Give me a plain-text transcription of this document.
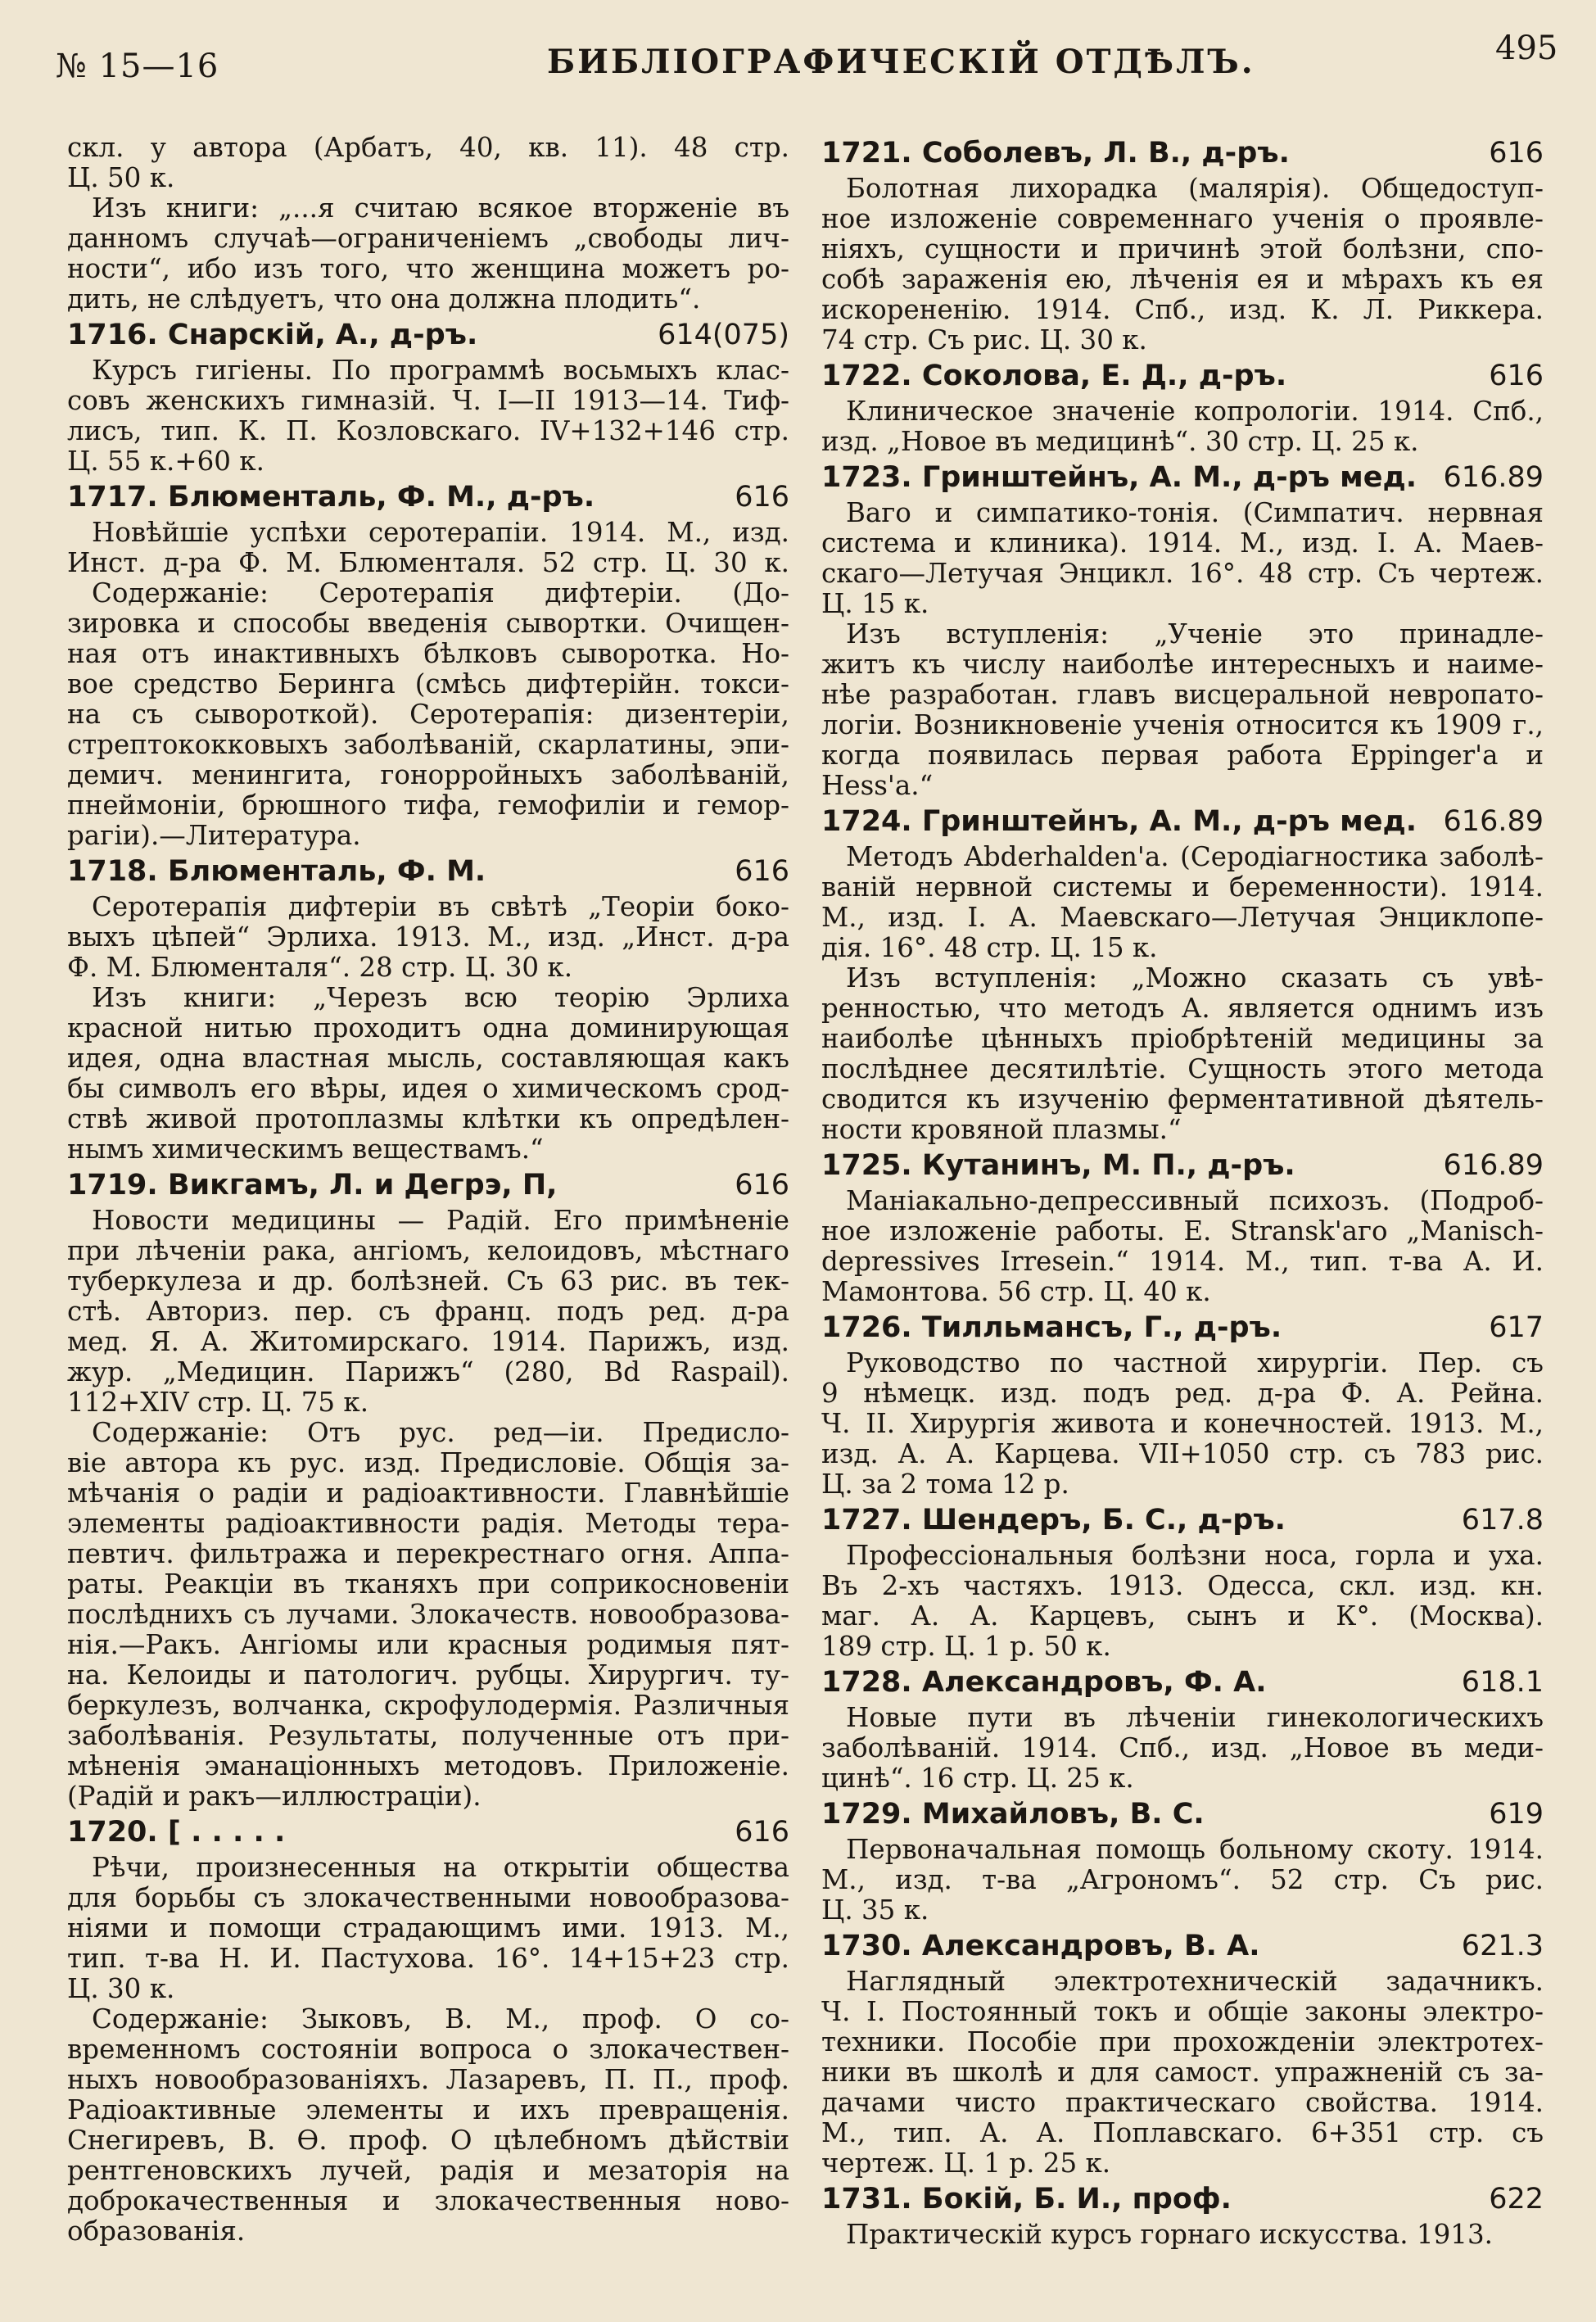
№ 15—16	БИБЛІОГРАФИЧЕСКІЙ ОТДѢЛЪ.	495
скл. у автора (Арбатъ, 40, кв. 11). 48 стр.
Ц. 50 к.
Изъ книги: „...я считаю всякое вторженіе въ
данномъ случаѣ—ограниченіемъ „свободы лич-
ности“, ибо изъ того, что женщина можетъ ро-
дить, не слѣдуетъ, что она должна плодить“.
1716. Снарскій, А., д-ръ.	614(075)
Курсъ гигіены. По программѣ восьмыхъ клас-
совъ женскихъ гимназій. Ч. I—II 1913—14. Тиф-
лисъ, тип. К. П. Козловскаго. IV+132+146 стр.
Ц. 55 к.+60 к.
1717. Блюменталь, Ф. М., д-ръ.	616
Новѣйшіе успѣхи серотерапіи. 1914. М., изд.
Инст. д-ра Ф. М. Блюменталя. 52 стр. Ц. 30 к.
Содержаніе: Серотерапія дифтеріи. (До-
зировка и способы введенія сывортки. Очищен-
ная отъ инактивныхъ бѣлковъ сыворотка. Но-
вое средство Беринга (смѣсь дифтерійн. токси-
на съ сывороткой). Серотерапія: дизентеріи,
стрептококковыхъ заболѣваній, скарлатины, эпи-
демич. менингита, гонорройныхъ заболѣваній,
пнеймоніи, брюшного тифа, гемофиліи и гемор-
рагіи).—Литература.
1718. Блюменталь, Ф. М.	616
Серотерапія дифтеріи въ свѣтѣ „Теоріи боко-
выхъ цѣпей“ Эрлиха. 1913. М., изд. „Инст. д-ра
Ф. М. Блюменталя“. 28 стр. Ц. 30 к.
Изъ книги: „Черезъ всю теорію Эрлиха
красной нитью проходитъ одна доминирующая
идея, одна властная мысль, составляющая какъ
бы символъ его вѣры, идея о химическомъ срод-
ствѣ живой протоплазмы клѣтки къ опредѣлен-
нымъ химическимъ веществамъ.“
1719. Викгамъ, Л. и Дегрэ, П,	616
Новости медицины — Радій. Его примѣненіе
при лѣченіи рака, ангіомъ, келоидовъ, мѣстнаго
туберкулеза и др. болѣзней. Съ 63 рис. въ тек-
стѣ. Авториз. пер. съ франц. подъ ред. д-ра
мед. Я. А. Житомирскаго. 1914. Парижъ, изд.
жур. „Медицин. Парижъ“ (280, Bd Raspail).
112+XIV стр. Ц. 75 к.
Содержаніе: Отъ рус. ред—іи. Предисло-
віе автора къ рус. изд. Предисловіе. Общія за-
мѣчанія о радіи и радіоактивности. Главнѣйшіе
элементы радіоактивности радія. Методы тера-
певтич. фильтража и перекрестнаго огня. Аппа-
раты. Реакціи въ тканяхъ при соприкосновеніи
послѣднихъ съ лучами. Злокачеств. новообразова-
нія.—Ракъ. Ангіомы или красныя родимыя пят-
на. Келоиды и патологич. рубцы. Хирургич. ту-
беркулезъ, волчанка, скрофулодермія. Различныя
заболѣванія. Результаты, полученные отъ при-
мѣненія эманаціонныхъ методовъ. Приложеніе.
(Радій и ракъ—иллюстраціи).
1720. [ . . . . .	616
Рѣчи, произнесенныя на открытіи общества
для борьбы съ злокачественными новообразова-
ніями и помощи страдающимъ ими. 1913. М.,
тип. т-ва Н. И. Пастухова. 16°. 14+15+23 стр.
Ц. 30 к.
Содержаніе: Зыковъ, В. М., проф. О со-
временномъ состояніи вопроса о злокачествен-
ныхъ новообразованіяхъ. Лазаревъ, П. П., проф.
Радіоактивные элементы и ихъ превращенія.
Снегиревъ, В. Ѳ. проф. О цѣлебномъ дѣйствіи
рентгеновскихъ лучей, радія и мезаторія на
доброкачественныя и злокачественныя ново-
образованія.
1721. Соболевъ, Л. В., д-ръ.	616
Болотная лихорадка (малярія). Общедоступ-
ное изложеніе современнаго ученія о проявле-
ніяхъ, сущности и причинѣ этой болѣзни, спо-
собѣ зараженія ею, лѣченія ея и мѣрахъ къ ея
искорененію. 1914. Спб., изд. К. Л. Риккера.
74 стр. Съ рис. Ц. 30 к.
1722. Соколова, Е. Д., д-ръ.	616
Клиническое значеніе копрологіи. 1914. Спб.,
изд. „Новое въ медицинѣ“. 30 стр. Ц. 25 к.
1723. Гринштейнъ, А. М., д-ръ мед. 616.89
Ваго и симпатико-тонія. (Симпатич. нервная
система и клиника). 1914. М., изд. I. А. Маев-
скаго—Летучая Энцикл. 16°. 48 стр. Съ чертеж.
Ц. 15 к.
Изъ вступленія: „Ученіе это принадле-
житъ къ числу наиболѣе интересныхъ и наиме-
нѣе разработан. главъ висцеральной невропато-
логіи. Возникновеніе ученія относится къ 1909 г.,
когда появилась первая работа Eppinger'a и
Hess'a.“
1724. Гринштейнъ, А. М., д-ръ мед. 616.89
Методъ Abderhalden'a. (Серодіагностика заболѣ-
ваній нервной системы и беременности). 1914.
М., изд. I. А. Маевскаго—Летучая Энциклопе-
дія. 16°. 48 стр. Ц. 15 к.
Изъ вступленія: „Можно сказать съ увѣ-
ренностью, что методъ А. является однимъ изъ
наиболѣе цѣнныхъ пріобрѣтеній медицины за
послѣднее десятилѣтіе. Сущность этого метода
сводится къ изученію ферментативной дѣятель-
ности кровяной плазмы.“
1725. Кутанинъ, М. П., д-ръ.	616.89
Маніакально-депрессивный психозъ. (Подроб-
ное изложеніе работы. E. Stransk'аго „Manisch-
depressives Irresein.“ 1914. М., тип. т-ва А. И.
Мамонтова. 56 стр. Ц. 40 к.
1726. Тилльмансъ, Г., д-ръ.	617
Руководство по частной хирургіи. Пер. съ
9 нѣмецк. изд. подъ ред. д-ра Ф. А. Рейна.
Ч. II. Хирургія живота и конечностей. 1913. М.,
изд. А. А. Карцева. VII+1050 стр. съ 783 рис.
Ц. за 2 тома 12 р.
1727. Шендеръ, Б. С., д-ръ.	617.8
Профессіональныя болѣзни носа, горла и уха.
Въ 2-хъ частяхъ. 1913. Одесса, скл. изд. кн.
маг. А. А. Карцевъ, сынъ и К°. (Москва).
189 стр. Ц. 1 р. 50 к.
1728. Александровъ, Ф. А.	618.1
Новые пути въ лѣченіи гинекологическихъ
заболѣваній. 1914. Спб., изд. „Новое въ меди-
цинѣ“. 16 стр. Ц. 25 к.
1729. Михайловъ, В. С.	619
Первоначальная помощь больному скоту. 1914.
М., изд. т-ва „Агрономъ“. 52 стр. Съ рис.
Ц. 35 к.
1730. Александровъ, В. А.	621.3
Наглядный электротехническій задачникъ.
Ч. I. Постоянный токъ и общіе законы электро-
техники. Пособіе при прохожденіи электротех-
ники въ школѣ и для самост. упражненій съ за-
дачами чисто практическаго свойства. 1914.
М., тип. А. А. Поплавскаго. 6+351 стр. съ
чертеж. Ц. 1 р. 25 к.
1731. Бокій, Б. И., проф.	622
Практическій курсъ горнаго искусства. 1913.
